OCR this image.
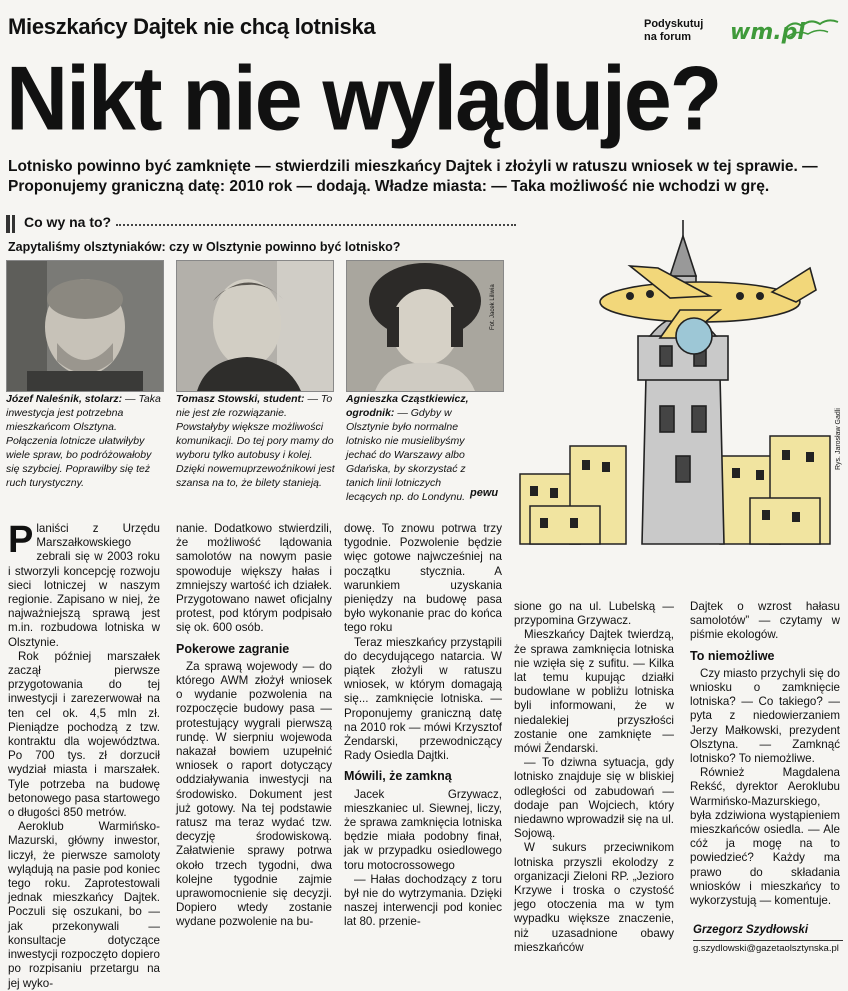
Mieszkańcy Dajtek nie chcą lotniska	Podyskutuj
na forum	wm.pl
Nikt nie wyląduje?
Lotnisko powinno być zamknięte — stwierdzili mieszkańcy Dajtek i złożyli w ratuszu wniosek w tej sprawie. — Proponujemy graniczną datę: 2010 rok — dodają. Władze miasta: — Taka możliwość nie wchodzi w grę.
Co wy na to?
Zapytaliśmy olsztyniaków: czy w Olsztynie powinno być lotnisko?
Fot. Jacek Liliwia
Józef Naleśnik, stolarz: — Taka inwestycja jest potrzebna mieszkańcom Olsztyna. Połączenia lotnicze ułatwiłyby wiele spraw, bo podróżowałoby się szybciej. Poprawiłby się też ruch turystyczny.
Tomasz Stowski, student: — To nie jest złe rozwiązanie. Powstałyby większe możliwości komunikacji. Do tej pory mamy do wyboru tylko autobusy i kolej. Dzięki nowemuprzewoźnikowi jest szansa na to, że bilety stanieją.
Agnieszka Cząstkiewicz, ogrodnik: — Gdyby w Olsztynie było normalne lotnisko nie musielibyśmy jechać do Warszawy albo Gdańska, by skorzystać z tanich linii lotniczych lecących np. do Londynu. pewu
Rys. Jarosław Gadli

Planiści z Urzędu Marszałkowskiego zebrali się w 2003 roku i stworzyli koncepcję rozwoju sieci lotniczej w naszym regionie. Zapisano w niej, że najważniejszą sprawą jest m.in. rozbudowa lotniska w Olsztynie.

Rok później marszałek zaczął pierwsze przygotowania do tej inwestycji i zarezerwował na ten cel ok. 4,5 mln zł. Pieniądze pochodzą z tzw. kontraktu dla województwa. Po 700 tys. zł dorzucił wydział miasta i marszałek. Tyle potrzeba na budowę betonowego pasa startowego o długości 850 metrów.

Aeroklub Warmińsko-Mazurski, główny inwestor, liczył, że pierwsze samoloty wylądują na pasie pod koniec tego roku. Zaprotestowali jednak mieszkańcy Dajtek. Poczuli się oszukani, bo — jak przekonywali — konsultacje dotyczące inwestycji rozpoczęto dopiero po rozpisaniu przetargu na jej wyko-

nanie. Dodatkowo stwierdzili, że możliwość lądowania samolotów na nowym pasie spowoduje większy hałas i zmniejszy wartość ich działek. Przygotowano nawet oficjalny protest, pod którym podpisało się ok. 600 osób.

Pokerowe zagranie

Za sprawą wojewody — do którego AWM złożył wniosek o wydanie pozwolenia na rozpoczęcie budowy pasa — protestujący wygrali pierwszą rundę. W sierpniu wojewoda nakazał bowiem uzupełnić wniosek o raport dotyczący oddziaływania inwestycji na środowisko. Dokument jest już gotowy. Na tej podstawie ratusz ma teraz wydać tzw. decyzję środowiskową. Załatwienie sprawy potrwa około trzech tygodni, dwa kolejne tygodnie zajmie uprawomocnienie się decyzji. Dopiero wtedy zostanie wydane pozwolenie na bu-

dowę. To znowu potrwa trzy tygodnie. Pozwolenie będzie więc gotowe najwcześniej na początku stycznia. A warunkiem uzyskania pieniędzy na budowę pasa było wykonanie prac do końca tego roku

Teraz mieszkańcy przystąpili do decydującego natarcia. W piątek złożyli w ratuszu wniosek, w którym domagają się... zamknięcie lotniska. — Proponujemy graniczną datę na 2010 rok — mówi Krzysztof Żendarski, przewodniczący Rady Osiedla Dajtki.

Mówili, że zamkną

Jacek Grzywacz, mieszkaniec ul. Siewnej, liczy, że sprawa zamknięcia lotniska będzie miała podobny finał, jak w przypadku osiedlowego toru motocrossowego

— Hałas dochodzący z toru był nie do wytrzymania. Dzięki naszej interwencji pod koniec lat 80. przenie-

sione go na ul. Lubelską — przypomina Grzywacz.

Mieszkańcy Dajtek twierdzą, że sprawa zamknięcia lotniska nie wzięła się z sufitu. — Kilka lat temu kupując działki budowlane w pobliżu lotniska byli informowani, że w niedalekiej przyszłości zostanie one zamknięte — mówi Żendarski.

— To dziwna sytuacja, gdy lotnisko znajduje się w bliskiej odległości od zabudowań — dodaje pan Wojciech, który niedawno wprowadził się na ul. Sojową.

W sukurs przeciwnikom lotniska przyszli ekolodzy z organizacji Zieloni RP. „Jezioro Krzywe i troska o czystość jego otoczenia ma w tym wypadku większe znaczenie, niż uzasadnione obawy mieszkańców

Dajtek o wzrost hałasu samolotów” — czytamy w piśmie ekologów.

To niemożliwe

Czy miasto przychyli się do wniosku o zamknięcie lotniska? — Co takiego? — pyta z niedowierzaniem Jerzy Małkowski, prezydent Olsztyna. — Zamknąć lotnisko? To niemożliwe.

Również Magdalena Rekść, dyrektor Aeroklubu Warmińsko-Mazurskiego, była zdziwiona wystąpieniem mieszkańców osiedla. — Ale cóż ja mogę na to powiedzieć? Każdy ma prawo do składania wniosków i mieszkańcy to wykorzystują — komentuje.

Grzegorz Szydłowski
g.szydlowski@gazetaolsztynska.pl
